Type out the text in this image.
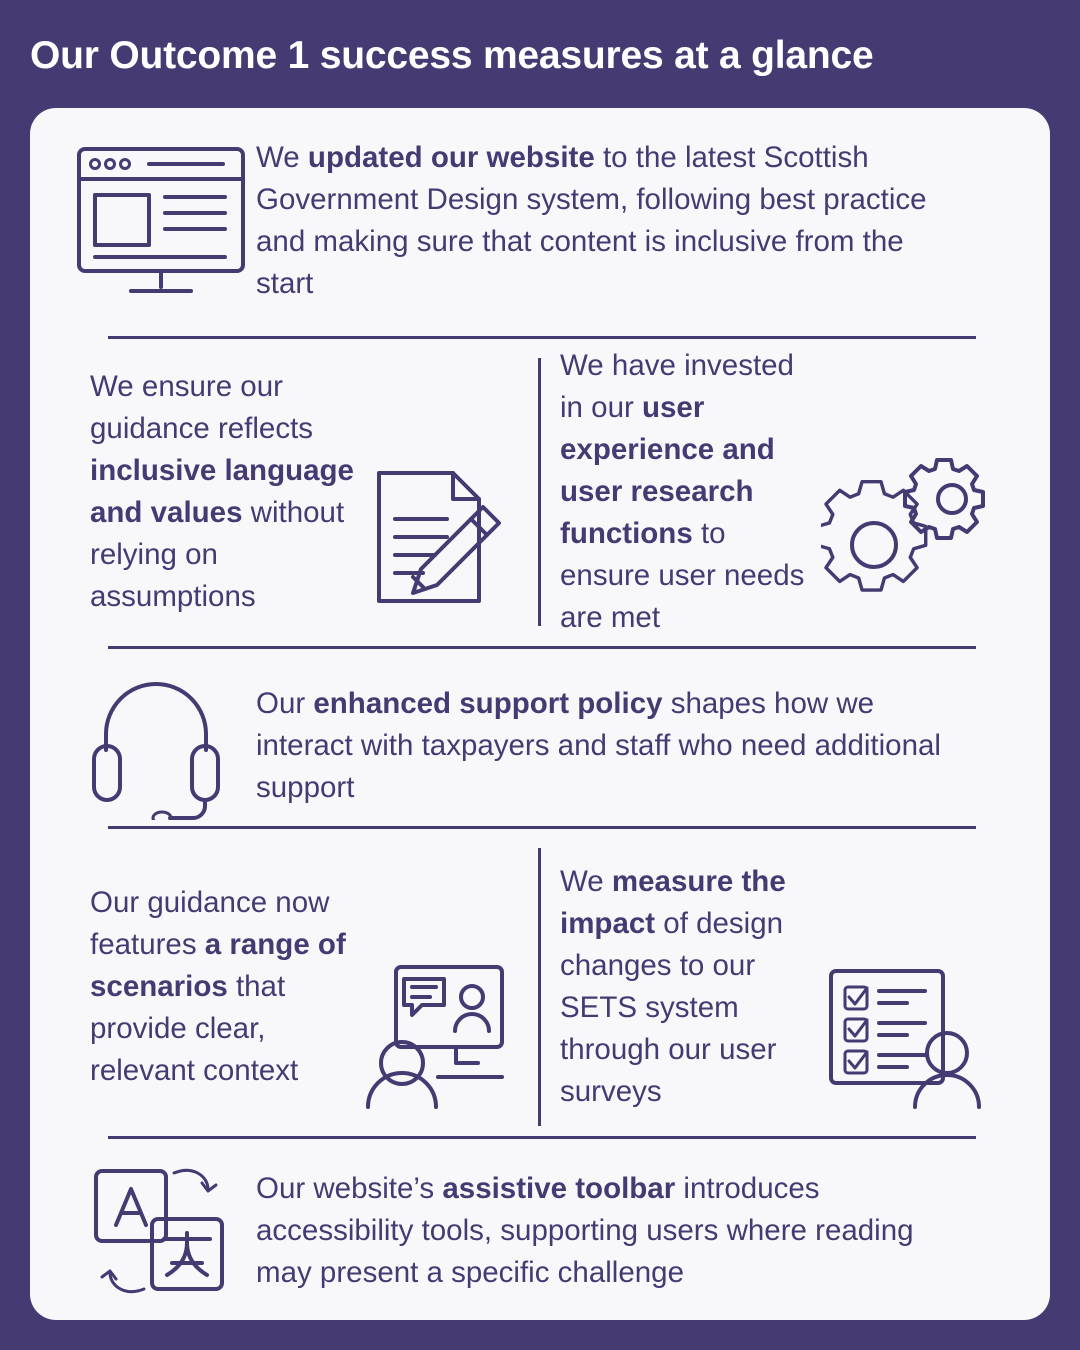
Our Outcome 1 success measures at a glance
We updated our website to the latest Scottish Government Design system, following best practice and making sure that content is inclusive from the start
We ensure our guidance reflects inclusive language and values without relying on assumptions
We have invested in our user experience and user research functions to ensure user needs are met
Our enhanced support policy shapes how we interact with taxpayers and staff who need additional support
Our guidance now features a range of scenarios that provide clear, relevant context
We measure the impact of design changes to our SETS system through our user surveys
Our website’s assistive toolbar introduces accessibility tools, supporting users where reading may present a specific challenge
